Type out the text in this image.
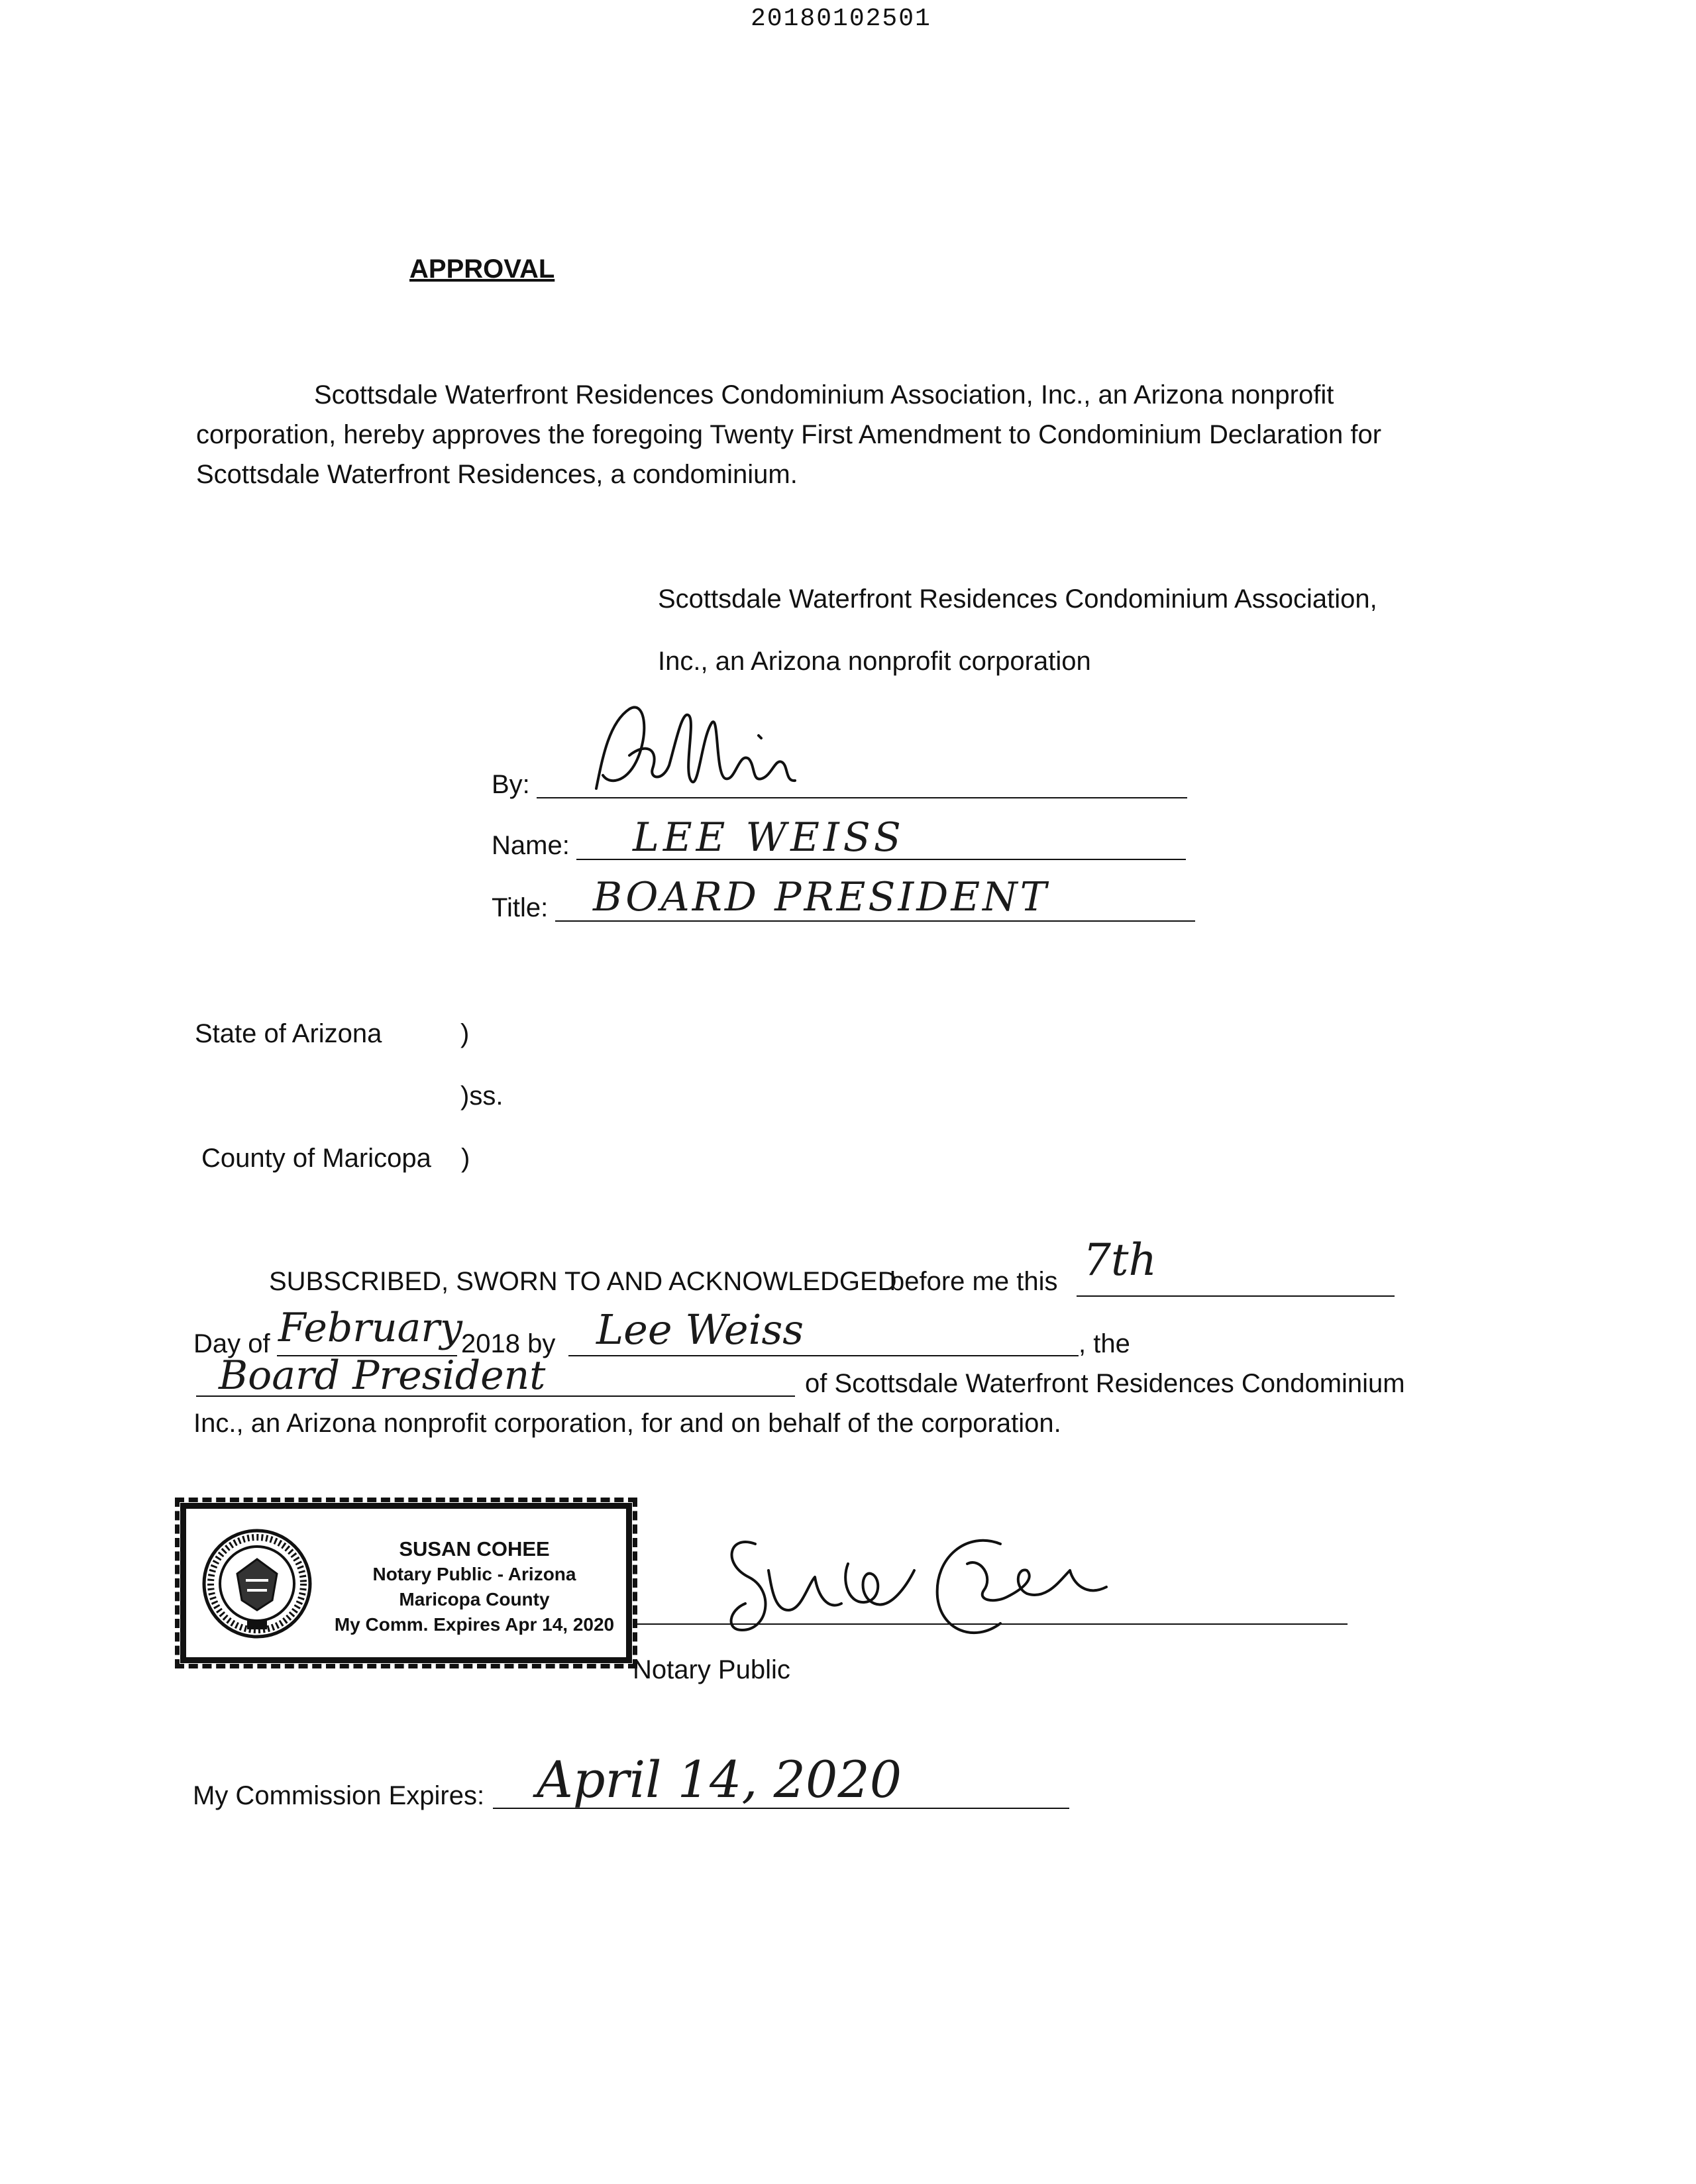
20180102501
APPROVAL
Scottsdale Waterfront Residences Condominium Association, Inc., an Arizona nonprofit
corporation, hereby approves the foregoing Twenty First Amendment to Condominium Declaration for
Scottsdale Waterfront Residences, a condominium.
Scottsdale Waterfront Residences Condominium Association,
Inc., an Arizona nonprofit corporation
By:
Name: LEE WEISS
Title: BOARD PRESIDENT
State of Arizona	)
)ss.
County of Maricopa )
SUBSCRIBED, SWORN TO AND ACKNOWLEDGED
before me this 7th
Day of February
2018 by Lee Weiss	, the
Board President	of Scottsdale Waterfront Residences Condominium
Inc., an Arizona nonprofit corporation, for and on behalf of the corporation.
SUSAN COHEE
Notary Public - Arizona
Maricopa County
My Comm. Expires Apr 14, 2020
Notary Public
My Commission Expires: April 14, 2020
